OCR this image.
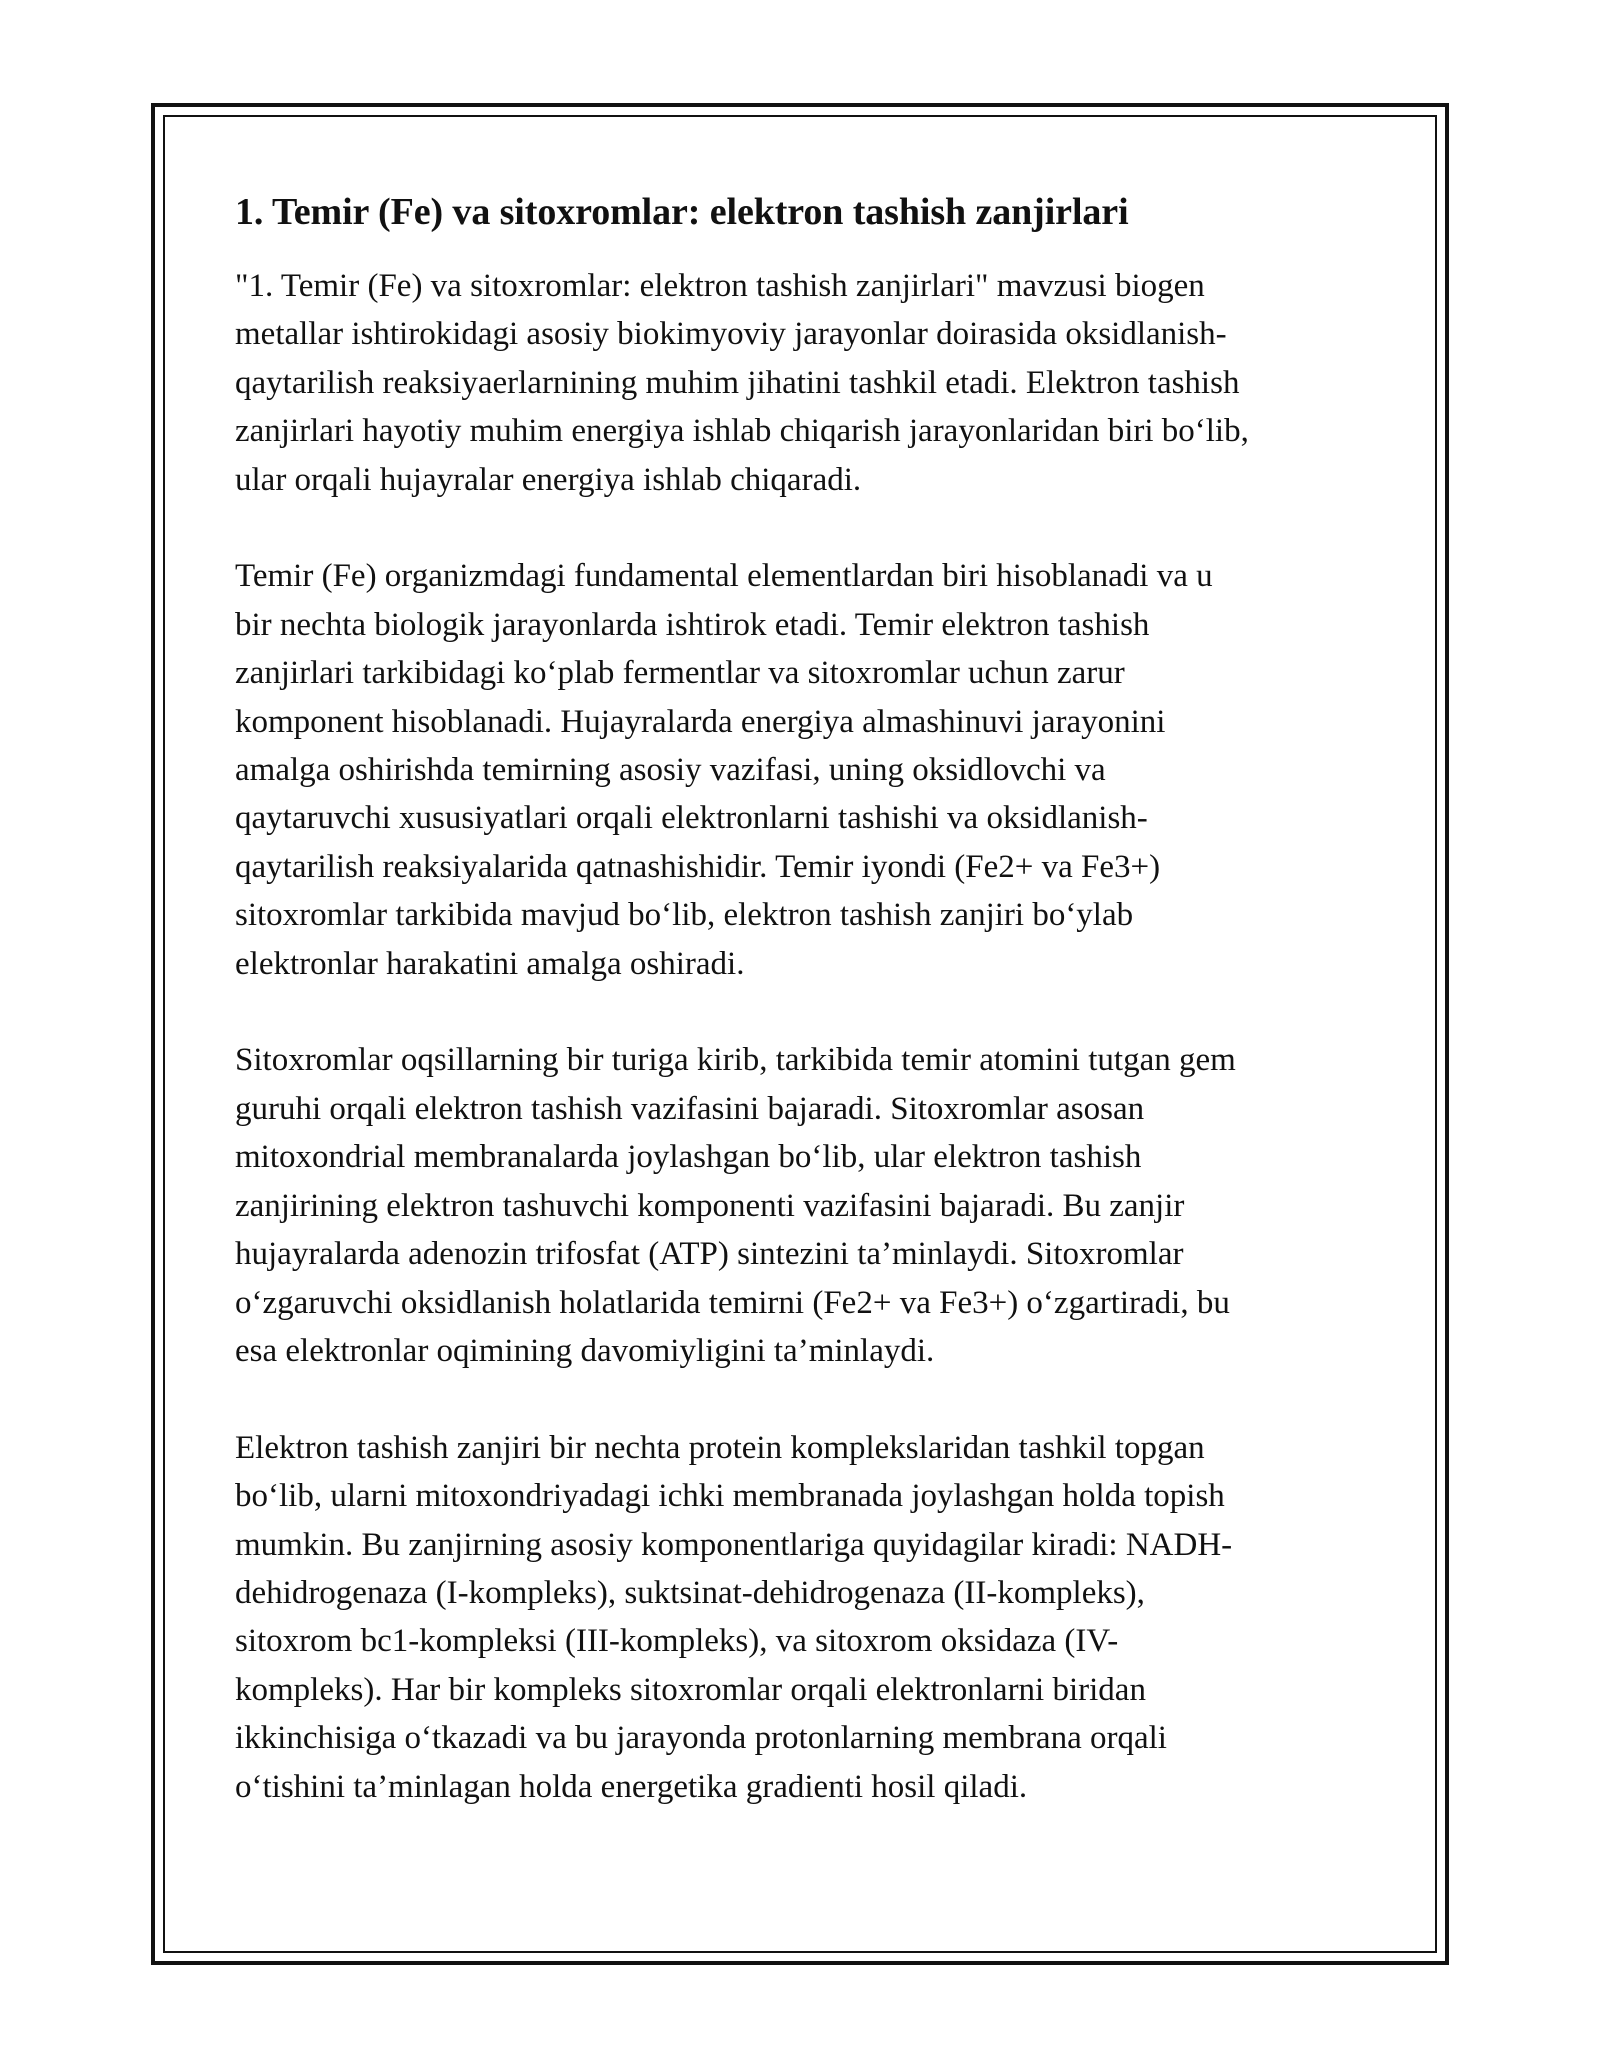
1. Temir (Fe) va sitoxromlar: elektron tashish zanjirlari

"1. Temir (Fe) va sitoxromlar: elektron tashish zanjirlari" mavzusi biogen
metallar ishtirokidagi asosiy biokimyoviy jarayonlar doirasida oksidlanish-
qaytarilish reaksiyaerlarnining muhim jihatini tashkil etadi. Elektron tashish
zanjirlari hayotiy muhim energiya ishlab chiqarish jarayonlaridan biri bo‘lib,
ular orqali hujayralar energiya ishlab chiqaradi.

Temir (Fe) organizmdagi fundamental elementlardan biri hisoblanadi va u
bir nechta biologik jarayonlarda ishtirok etadi. Temir elektron tashish
zanjirlari tarkibidagi ko‘plab fermentlar va sitoxromlar uchun zarur
komponent hisoblanadi. Hujayralarda energiya almashinuvi jarayonini
amalga oshirishda temirning asosiy vazifasi, uning oksidlovchi va
qaytaruvchi xususiyatlari orqali elektronlarni tashishi va oksidlanish-
qaytarilish reaksiyalarida qatnashishidir. Temir iyondi (Fe2+ va Fe3+)
sitoxromlar tarkibida mavjud bo‘lib, elektron tashish zanjiri bo‘ylab
elektronlar harakatini amalga oshiradi.

Sitoxromlar oqsillarning bir turiga kirib, tarkibida temir atomini tutgan gem
guruhi orqali elektron tashish vazifasini bajaradi. Sitoxromlar asosan
mitoxondrial membranalarda joylashgan bo‘lib, ular elektron tashish
zanjirining elektron tashuvchi komponenti vazifasini bajaradi. Bu zanjir
hujayralarda adenozin trifosfat (ATP) sintezini ta’minlaydi. Sitoxromlar
o‘zgaruvchi oksidlanish holatlarida temirni (Fe2+ va Fe3+) o‘zgartiradi, bu
esa elektronlar oqimining davomiyligini ta’minlaydi.

Elektron tashish zanjiri bir nechta protein komplekslaridan tashkil topgan
bo‘lib, ularni mitoxondriyadagi ichki membranada joylashgan holda topish
mumkin. Bu zanjirning asosiy komponentlariga quyidagilar kiradi: NADH-
dehidrogenaza (I-kompleks), suktsinat-dehidrogenaza (II-kompleks),
sitoxrom bc1-kompleksi (III-kompleks), va sitoxrom oksidaza (IV-
kompleks). Har bir kompleks sitoxromlar orqali elektronlarni biridan
ikkinchisiga o‘tkazadi va bu jarayonda protonlarning membrana orqali
o‘tishini ta’minlagan holda energetika gradienti hosil qiladi.
